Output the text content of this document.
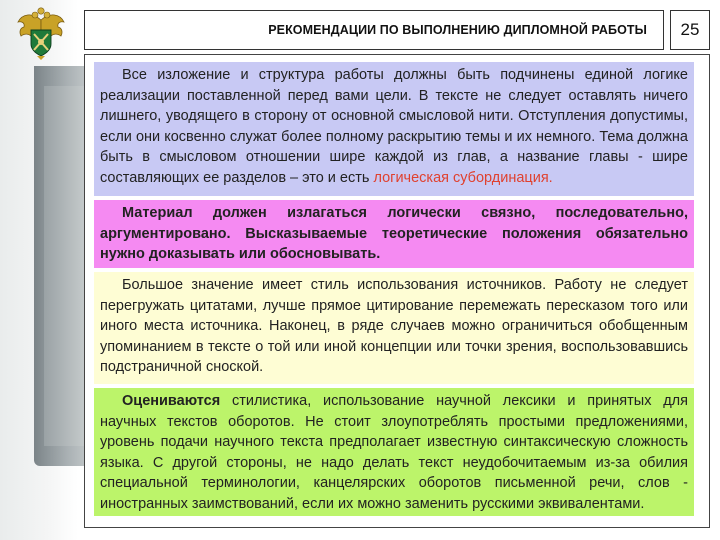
РЕКОМЕНДАЦИИ ПО ВЫПОЛНЕНИЮ ДИПЛОМНОЙ РАБОТЫ	25
Все изложение и структура работы должны быть подчинены единой логике реализации поставленной перед вами цели. В тексте не следует оставлять ничего лишнего, уводящего в сторону от основной смысловой нити. Отступления допустимы, если они косвенно служат более полному раскрытию темы и их немного. Тема должна быть в смысловом отношении шире каждой из глав, а название главы - шире составляющих ее разделов – это и есть логическая субординация.
Материал должен излагаться логически связно, последовательно, аргументировано. Высказываемые теоретические положения обязательно нужно доказывать или обосновывать.
Большое значение имеет стиль использования источников. Работу не следует перегружать цитатами, лучше прямое цитирование перемежать пересказом того или иного места источника. Наконец, в ряде случаев можно ограничиться обобщенным упоминанием в тексте о той или иной концепции или точки зрения, воспользовавшись подстраничной сноской.
Оцениваются стилистика, использование научной лексики и принятых для научных текстов оборотов. Не стоит злоупотреблять простыми предложениями, уровень подачи научного текста предполагает известную синтаксическую сложность языка. С другой стороны, не надо делать текст неудобочитаемым из-за обилия специальной терминологии, канцелярских оборотов письменной речи, слов - иностранных заимствований, если их можно заменить русскими эквивалентами.
